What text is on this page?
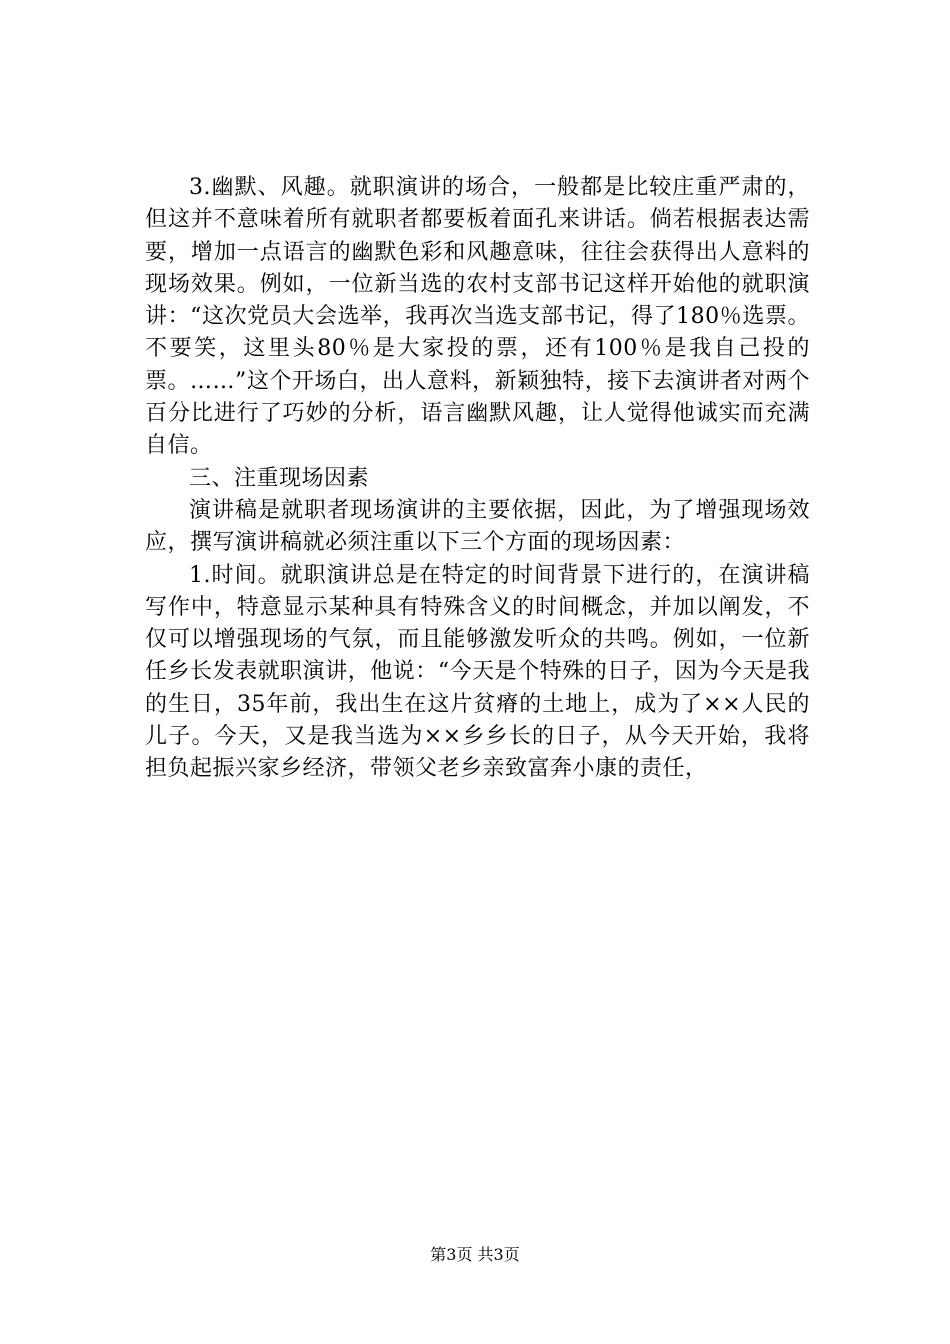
3.幽默、风趣。就职演讲的场合，一般都是比较庄重严肃的，但这并不意味着所有就职者都要板着面孔来讲话。倘若根据表达需要，增加一点语言的幽默色彩和风趣意味，往往会获得出人意料的现场效果。例如，一位新当选的农村支部书记这样开始他的就职演讲：“这次党员大会选举，我再次当选支部书记，得了180％选票。不要笑，这里头80％是大家投的票，还有100％是我自己投的票。……”这个开场白，出人意料，新颖独特，接下去演讲者对两个百分比进行了巧妙的分析，语言幽默风趣，让人觉得他诚实而充满自信。

三、注重现场因素

演讲稿是就职者现场演讲的主要依据，因此，为了增强现场效应，撰写演讲稿就必须注重以下三个方面的现场因素：

1.时间。就职演讲总是在特定的时间背景下进行的，在演讲稿写作中，特意显示某种具有特殊含义的时间概念，并加以阐发，不仅可以增强现场的气氛，而且能够激发听众的共鸣。例如，一位新任乡长发表就职演讲，他说：“今天是个特殊的日子，因为今天是我的生日，35年前，我出生在这片贫瘠的土地上，成为了××人民的儿子。今天，又是我当选为××乡乡长的日子，从今天开始，我将担负起振兴家乡经济，带领父老乡亲致富奔小康的责任，

第3页 共3页
